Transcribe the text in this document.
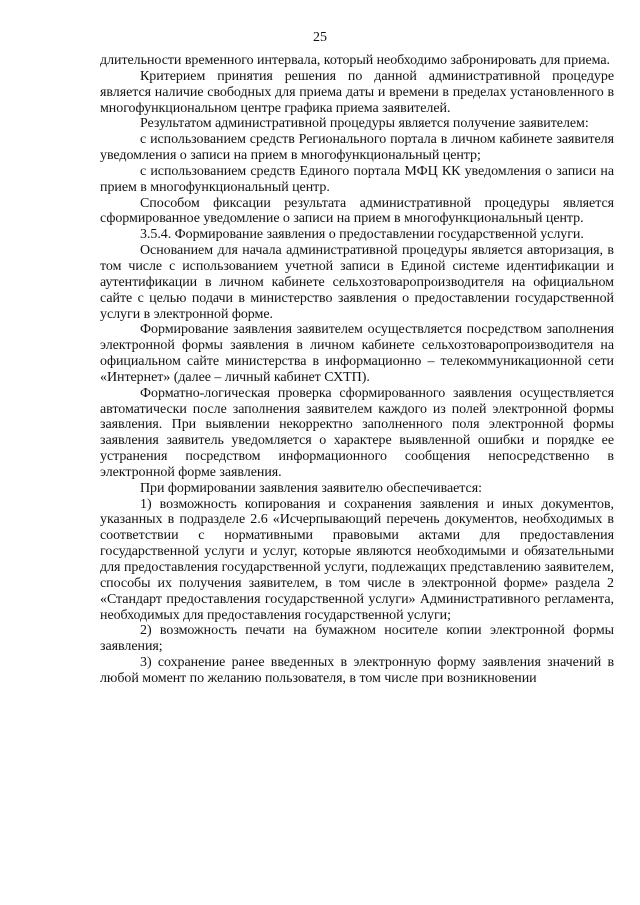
25

длительности временного интервала, который необходимо забронировать для приема.

Критерием принятия решения по данной административной процедуре является наличие свободных для приема даты и времени в пределах установленного в многофункциональном центре графика приема заявителей.

Результатом административной процедуры является получение заявителем:

с использованием средств Регионального портала в личном кабинете заявителя уведомления о записи на прием в многофункциональный центр;

с использованием средств Единого портала МФЦ КК уведомления о записи на прием в многофункциональный центр.

Способом фиксации результата административной процедуры является сформированное уведомление о записи на прием в многофункциональный центр.

3.5.4. Формирование заявления о предоставлении государственной услуги.

Основанием для начала административной процедуры является авторизация, в том числе с использованием учетной записи в Единой системе идентификации и аутентификации в личном кабинете сельхозтоваропроизводителя на официальном сайте с целью подачи в министерство заявления о предоставлении государственной услуги в электронной форме.

Формирование заявления заявителем осуществляется посредством заполнения электронной формы заявления в личном кабинете сельхозтоваропроизводителя на официальном сайте министерства в информационно – телекоммуникационной сети «Интернет» (далее – личный кабинет СХТП).

Форматно-логическая проверка сформированного заявления осуществляется автоматически после заполнения заявителем каждого из полей электронной формы заявления. При выявлении некорректно заполненного поля электронной формы заявления заявитель уведомляется о характере выявленной ошибки и порядке ее устранения посредством информационного сообщения непосредственно в электронной форме заявления.

При формировании заявления заявителю обеспечивается:

1) возможность копирования и сохранения заявления и иных документов, указанных в подразделе 2.6 «Исчерпывающий перечень документов, необходимых в соответствии с нормативными правовыми актами для предоставления государственной услуги и услуг, которые являются необходимыми и обязательными для предоставления государственной услуги, подлежащих представлению заявителем, способы их получения заявителем, в том числе в электронной форме» раздела 2 «Стандарт предоставления государственной услуги» Административного регламента, необходимых для предоставления государственной услуги;

2) возможность печати на бумажном носителе копии электронной формы заявления;

3) сохранение ранее введенных в электронную форму заявления значений в любой момент по желанию пользователя, в том числе при возникновении
